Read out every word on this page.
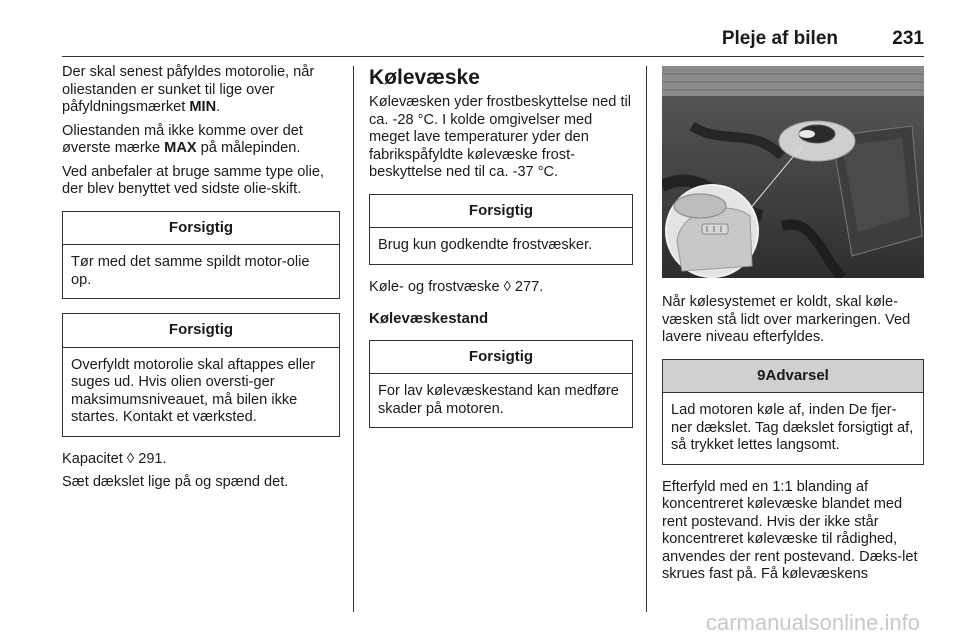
Pleje af bilen	231

Der skal senest påfyldes motorolie, når oliestanden er sunket til lige over påfyldningsmærket MIN.

Oliestanden må ikke komme over det øverste mærke MAX på målepinden.

Ved anbefaler at bruge samme type olie, der blev benyttet ved sidste olie-skift.

Forsigtig
Tør med det samme spildt motor-olie op.
Forsigtig
Overfyldt motorolie skal aftappes eller suges ud. Hvis olien oversti-ger maksimumsniveauet, må bilen ikke startes. Kontakt et værksted.

Kapacitet ◊ 291.

Sæt dækslet lige på og spænd det.

Kølevæske

Kølevæsken yder frostbeskyttelse ned til ca. -28 °C. I kolde omgivelser med meget lave temperaturer yder den fabrikspåfyldte kølevæske frost-beskyttelse ned til ca. -37 °C.

Forsigtig
Brug kun godkendte frostvæsker.

Køle- og frostvæske ◊ 277.

Kølevæskestand
Forsigtig
For lav kølevæskestand kan medføre skader på motoren.

Når kølesystemet er koldt, skal køle-væsken stå lidt over markeringen. Ved lavere niveau efterfyldes.

9Advarsel
Lad motoren køle af, inden De fjer-ner dækslet. Tag dækslet forsigtigt af, så trykket lettes langsomt.

Efterfyld med en 1:1 blanding af koncentreret kølevæske blandet med rent postevand. Hvis der ikke står koncentreret kølevæske til rådighed, anvendes der rent postevand. Dæks-let skrues fast på. Få kølevæskens

carmanualsonline.info
